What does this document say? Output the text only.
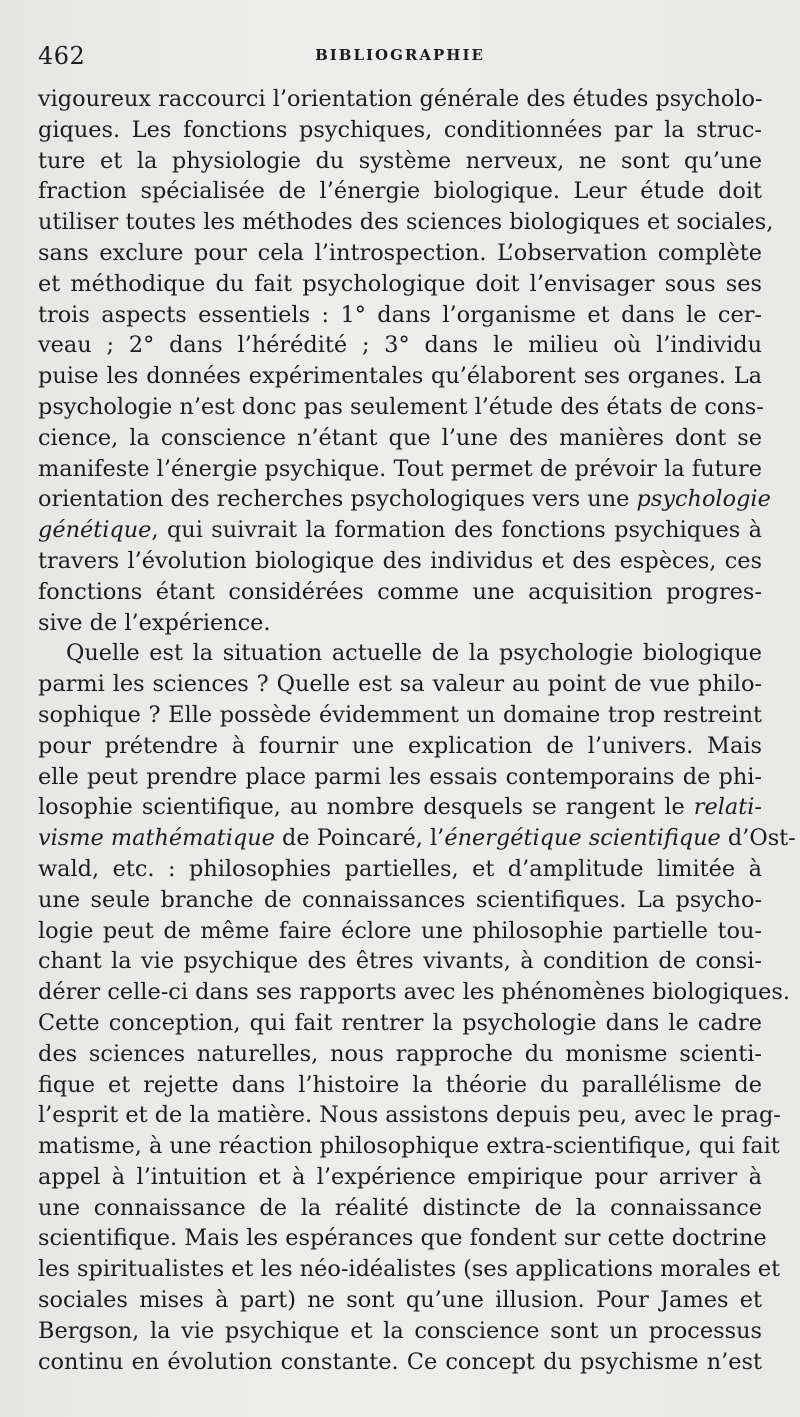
462	BIBLIOGRAPHIE
vigoureux raccourci l’orientation générale des études psycholo-
giques. Les fonctions psychiques, conditionnées par la struc-
ture et la physiologie du système nerveux, ne sont qu’une
fraction spécialisée de l’énergie biologique. Leur étude doit
utiliser toutes les méthodes des sciences biologiques et sociales,
sans exclure pour cela l’introspection. L’observation complète
et méthodique du fait psychologique doit l’envisager sous ses
trois aspects essentiels : 1° dans l’organisme et dans le cer-
veau ; 2° dans l’hérédité ; 3° dans le milieu où l’individu
puise les données expérimentales qu’élaborent ses organes. La
psychologie n’est donc pas seulement l’étude des états de cons-
cience, la conscience n’étant que l’une des manières dont se
manifeste l’énergie psychique. Tout permet de prévoir la future
orientation des recherches psychologiques vers une psychologie
génétique, qui suivrait la formation des fonctions psychiques à
travers l’évolution biologique des individus et des espèces, ces
fonctions étant considérées comme une acquisition progres-
sive de l’expérience.
Quelle est la situation actuelle de la psychologie biologique
parmi les sciences ? Quelle est sa valeur au point de vue philo-
sophique ? Elle possède évidemment un domaine trop restreint
pour prétendre à fournir une explication de l’univers. Mais
elle peut prendre place parmi les essais contemporains de phi-
losophie scientifique, au nombre desquels se rangent le relati-
visme mathématique de Poincaré, l’énergétique scientifique d’Ost-
wald, etc. : philosophies partielles, et d’amplitude limitée à
une seule branche de connaissances scientifiques. La psycho-
logie peut de même faire éclore une philosophie partielle tou-
chant la vie psychique des êtres vivants, à condition de consi-
dérer celle-ci dans ses rapports avec les phénomènes biologiques.
Cette conception, qui fait rentrer la psychologie dans le cadre
des sciences naturelles, nous rapproche du monisme scienti-
fique et rejette dans l’histoire la théorie du parallélisme de
l’esprit et de la matière. Nous assistons depuis peu, avec le prag-
matisme, à une réaction philosophique extra-scientifique, qui fait
appel à l’intuition et à l’expérience empirique pour arriver à
une connaissance de la réalité distincte de la connaissance
scientifique. Mais les espérances que fondent sur cette doctrine
les spiritualistes et les néo-idéalistes (ses applications morales et
sociales mises à part) ne sont qu’une illusion. Pour James et
Bergson, la vie psychique et la conscience sont un processus
continu en évolution constante. Ce concept du psychisme n’est
